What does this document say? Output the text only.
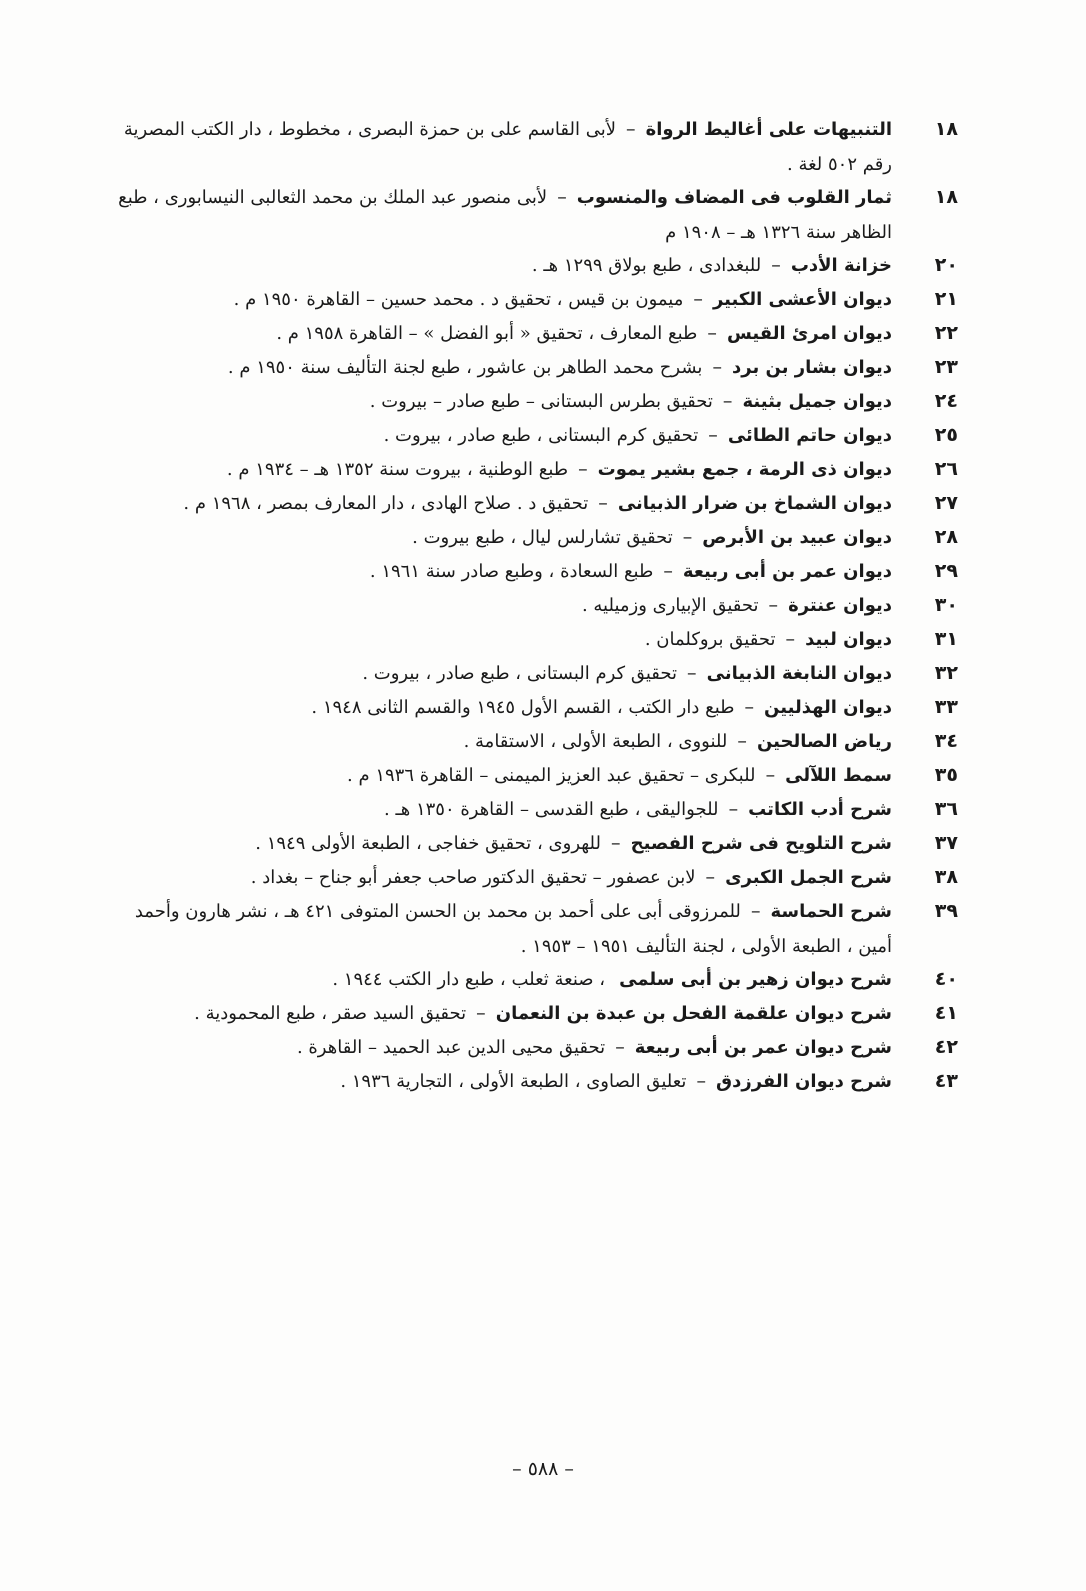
١٨
التنبيهات على أغاليط الرواة – لأبى القاسم على بن حمزة البصرى ، مخطوط ، دار الكتب المصرية رقم ٥٠٢ لغة .
١٨
ثمار القلوب فى المضاف والمنسوب – لأبى منصور عبد الملك بن محمد الثعالبى النيسابورى ، طبع الظاهر سنة ١٣٢٦ هـ – ١٩٠٨ م
٢٠
خزانة الأدب – للبغدادى ، طبع بولاق ١٢٩٩ هـ .
٢١
ديوان الأعشى الكبير – ميمون بن قيس ، تحقيق د . محمد حسين – القاهرة ١٩٥٠ م .
٢٢
ديوان امرئ القيس – طبع المعارف ، تحقيق « أبو الفضل » – القاهرة ١٩٥٨ م .
٢٣
ديوان بشار بن برد – بشرح محمد الطاهر بن عاشور ، طبع لجنة التأليف سنة ١٩٥٠ م .
٢٤
ديوان جميل بثينة – تحقيق بطرس البستانى – طبع صادر – بيروت .
٢٥
ديوان حاتم الطائى – تحقيق كرم البستانى ، طبع صادر ، بيروت .
٢٦
ديوان ذى الرمة ، جمع بشير يموت – طبع الوطنية ، بيروت سنة ١٣٥٢ هـ – ١٩٣٤ م .
٢٧
ديوان الشماخ بن ضرار الذبيانى – تحقيق د . صلاح الهادى ، دار المعارف بمصر ، ١٩٦٨ م .
٢٨
ديوان عبيد بن الأبرص – تحقيق تشارلس ليال ، طبع بيروت .
٢٩
ديوان عمر بن أبى ربيعة – طبع السعادة ، وطبع صادر سنة ١٩٦١ .
٣٠
ديوان عنترة – تحقيق الإبيارى وزميليه .
٣١
ديوان لبيد – تحقيق بروكلمان .
٣٢
ديوان النابغة الذبيانى – تحقيق كرم البستانى ، طبع صادر ، بيروت .
٣٣
ديوان الهذليين – طبع دار الكتب ، القسم الأول ١٩٤٥ والقسم الثانى ١٩٤٨ .
٣٤
رياض الصالحين – للنووى ، الطبعة الأولى ، الاستقامة .
٣٥
سمط اللآلى – للبكرى – تحقيق عبد العزيز الميمنى – القاهرة ١٩٣٦ م .
٣٦
شرح أدب الكاتب – للجواليقى ، طبع القدسى – القاهرة ١٣٥٠ هـ .
٣٧
شرح التلويح فى شرح الفصيح – للهروى ، تحقيق خفاجى ، الطبعة الأولى ١٩٤٩ .
٣٨
شرح الجمل الكبرى – لابن عصفور – تحقيق الدكتور صاحب جعفر أبو جناح – بغداد .
٣٩
شرح الحماسة – للمرزوقى أبى على أحمد بن محمد بن الحسن المتوفى ٤٢١ هـ ، نشر هارون وأحمد أمين ، الطبعة الأولى ، لجنة التأليف ١٩٥١ – ١٩٥٣ .
٤٠
شرح ديوان زهير بن أبى سلمى ، صنعة ثعلب ، طبع دار الكتب ١٩٤٤ .
٤١
شرح ديوان علقمة الفحل بن عبدة بن النعمان – تحقيق السيد صقر ، طبع المحمودية .
٤٢
شرح ديوان عمر بن أبى ربيعة – تحقيق محيى الدين عبد الحميد – القاهرة .
٤٣
شرح ديوان الفرزدق – تعليق الصاوى ، الطبعة الأولى ، التجارية ١٩٣٦ .
– ٥٨٨ –
